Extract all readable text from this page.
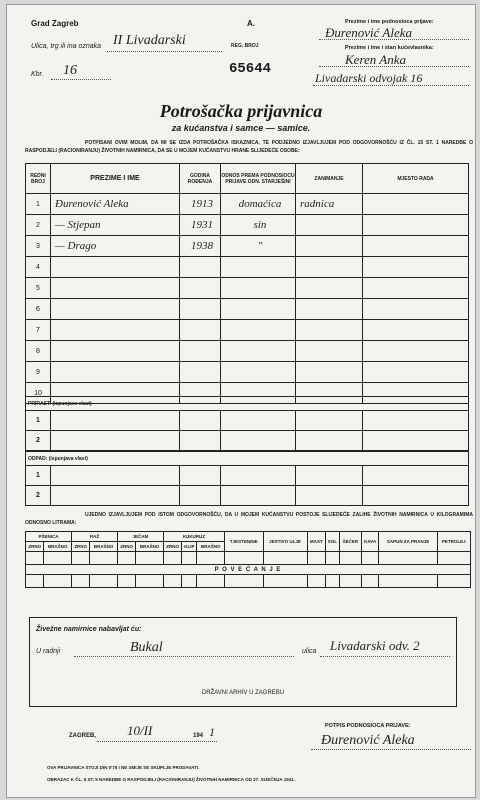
Grad Zagreb	A.
Ulica, trg ili ina oznaka II Livadarski
Kbr. 16
REG. BROJ
65644
Prezime i ime podnosioca prijave:
Đurenović Aleka
Prezime i ime i stan kućevlasnika:
Keren Anka
Livadarski odvojak 16
Potrošačka prijavnica
za kućanstva i samce — samice.
POTPISANI OVIM MOLIM, DA MI SE IZDA POTROŠAČKA ISKAZNICA, TE PODJEDNO IZJAVLJUJEM POD ODGOVORNOŠĆU IZ ČL. 15 ST. 1 NAREDBE O RASPODJELI (RACIONIRANJU) ŽIVOTNIH NAMIRNICA, DA SE U MOJEM KUĆANSTVU HRANE SLIJEDEĆE OSOBE:
REDNI BROJ	PREZIME I IME	GODINA ROĐENJA	ODNOS PREMA PODNOSIOCU PRIJAVE ODN. STARJEŠINI	ZANIMANJE	MJESTO RADA
1	Đurenović Aleka	1913	domaćica	radnica	
2	— Stjepan	1931	sin		
3	— Drago	1938	"		
4					
5					
6					
7					
8					
9					
10					
PRIRAST: (ispunjava vlast)					
1					
2					
ODPAD: (ispunjava vlast)					
1					
2					
UJEDNO IZJAVLJUJEM POD ISTOM ODGOVORNOŠĆU, DA U MOJEM KUĆANSTVU POSTOJE SLIJEDEĆE ZALIHE ŽIVOTNIH NAMIRNICA U KILOGRAMIMA ODNOSNO LITRAMA:
PŠENICA		RAŽ		JEČAM		KUKURUZ			TJESTENINE	JESTIVO ULJE	MAST	SOL	ŠEĆER	KAVA	SAPUN ZA PRANJE	PETROLEJ
ZRNO	BRAŠNO	ZRNO	BRAŠNO	ZRNO	BRAŠNO	ZRNO	KLIP	BRAŠNO								

P O V E Ć A N J E																

Živežne namirnice nabavljat ću:
U radnji	Bukal	ulica Livadarski odv. 2
DRŽAVNI ARHIV U ZAGREBU
ZAGREB, 10/II	194 1	POTPIS PODNOSIOCA PRIJAVE:
Đurenović Aleka
OVA PRIJAVNICA STOJI DIN 0'75 I NE SMIJE SE SKUPLJE PRODAVATI.
OBRAZAC K ČL. 5 ST. 5 NAREDBE O RASPODJELI (RACIONIRANJU) ŽIVOTNIH NAMIRNICA OD 27. SIJEČNJA 1941.
